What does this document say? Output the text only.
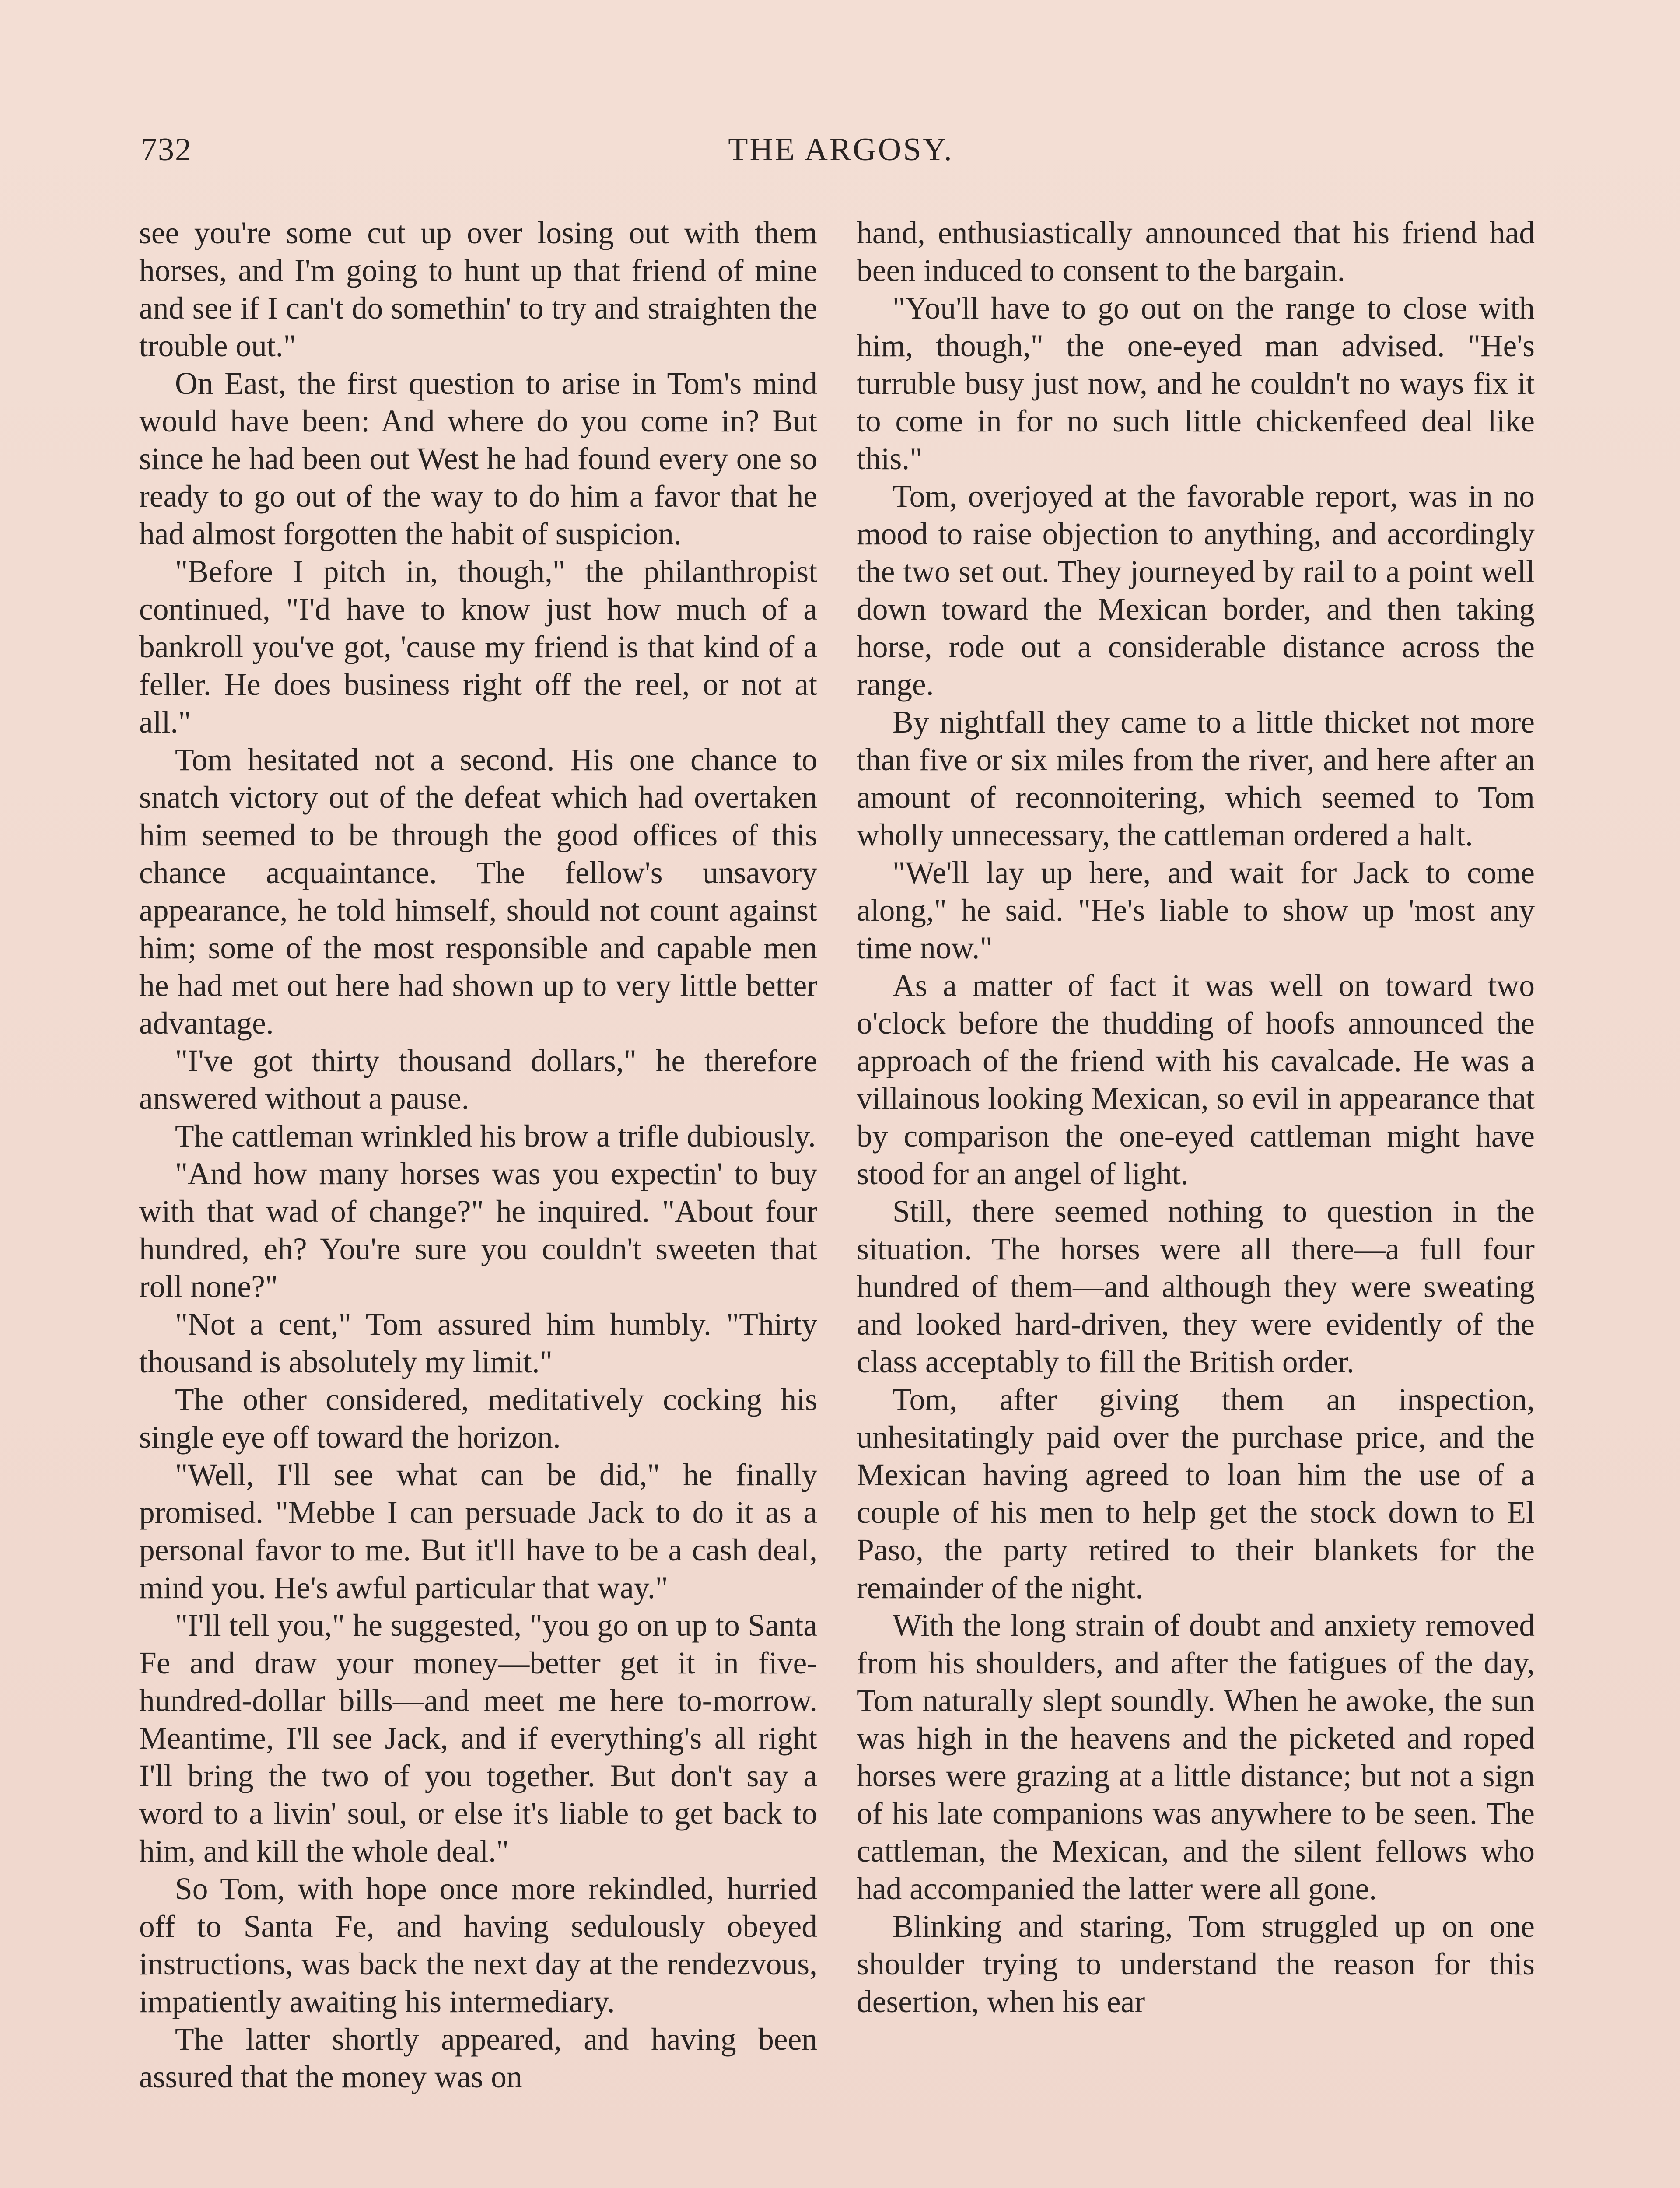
THE ARGOSY.
732

see you're some cut up over losing out with them horses, and I'm going to hunt up that friend of mine and see if I can't do somethin' to try and straighten the trouble out."

On East, the first question to arise in Tom's mind would have been: And where do you come in? But since he had been out West he had found every one so ready to go out of the way to do him a favor that he had almost forgotten the habit of suspicion.

"Before I pitch in, though," the philanthropist continued, "I'd have to know just how much of a bankroll you've got, 'cause my friend is that kind of a feller. He does business right off the reel, or not at all."

Tom hesitated not a second. His one chance to snatch victory out of the defeat which had overtaken him seemed to be through the good offices of this chance acquaintance. The fellow's unsavory appearance, he told himself, should not count against him; some of the most responsible and capable men he had met out here had shown up to very little better advantage.

"I've got thirty thousand dollars," he therefore answered without a pause.

The cattleman wrinkled his brow a trifle dubiously.

"And how many horses was you expectin' to buy with that wad of change?" he inquired. "About four hundred, eh? You're sure you couldn't sweeten that roll none?"

"Not a cent," Tom assured him humbly. "Thirty thousand is absolutely my limit."

The other considered, meditatively cocking his single eye off toward the horizon.

"Well, I'll see what can be did," he finally promised. "Mebbe I can persuade Jack to do it as a personal favor to me. But it'll have to be a cash deal, mind you. He's awful particular that way."

"I'll tell you," he suggested, "you go on up to Santa Fe and draw your money—better get it in five-hundred-dollar bills—and meet me here to-morrow. Meantime, I'll see Jack, and if everything's all right I'll bring the two of you together. But don't say a word to a livin' soul, or else it's liable to get back to him, and kill the whole deal."

So Tom, with hope once more rekindled, hurried off to Santa Fe, and having sedulously obeyed instructions, was back the next day at the rendezvous, impatiently awaiting his intermediary.

The latter shortly appeared, and having been assured that the money was on

hand, enthusiastically announced that his friend had been induced to consent to the bargain.

"You'll have to go out on the range to close with him, though," the one-eyed man advised. "He's turruble busy just now, and he couldn't no ways fix it to come in for no such little chickenfeed deal like this."

Tom, overjoyed at the favorable report, was in no mood to raise objection to anything, and accordingly the two set out. They journeyed by rail to a point well down toward the Mexican border, and then taking horse, rode out a considerable distance across the range.

By nightfall they came to a little thicket not more than five or six miles from the river, and here after an amount of reconnoitering, which seemed to Tom wholly unnecessary, the cattleman ordered a halt.

"We'll lay up here, and wait for Jack to come along," he said. "He's liable to show up 'most any time now."

As a matter of fact it was well on toward two o'clock before the thudding of hoofs announced the approach of the friend with his cavalcade. He was a villainous looking Mexican, so evil in appearance that by comparison the one-eyed cattleman might have stood for an angel of light.

Still, there seemed nothing to question in the situation. The horses were all there—a full four hundred of them—and although they were sweating and looked hard-driven, they were evidently of the class acceptably to fill the British order.

Tom, after giving them an inspection, unhesitatingly paid over the purchase price, and the Mexican having agreed to loan him the use of a couple of his men to help get the stock down to El Paso, the party retired to their blankets for the remainder of the night.

With the long strain of doubt and anxiety removed from his shoulders, and after the fatigues of the day, Tom naturally slept soundly. When he awoke, the sun was high in the heavens and the picketed and roped horses were grazing at a little distance; but not a sign of his late companions was anywhere to be seen. The cattleman, the Mexican, and the silent fellows who had accompanied the latter were all gone.

Blinking and staring, Tom struggled up on one shoulder trying to understand the reason for this desertion, when his ear
